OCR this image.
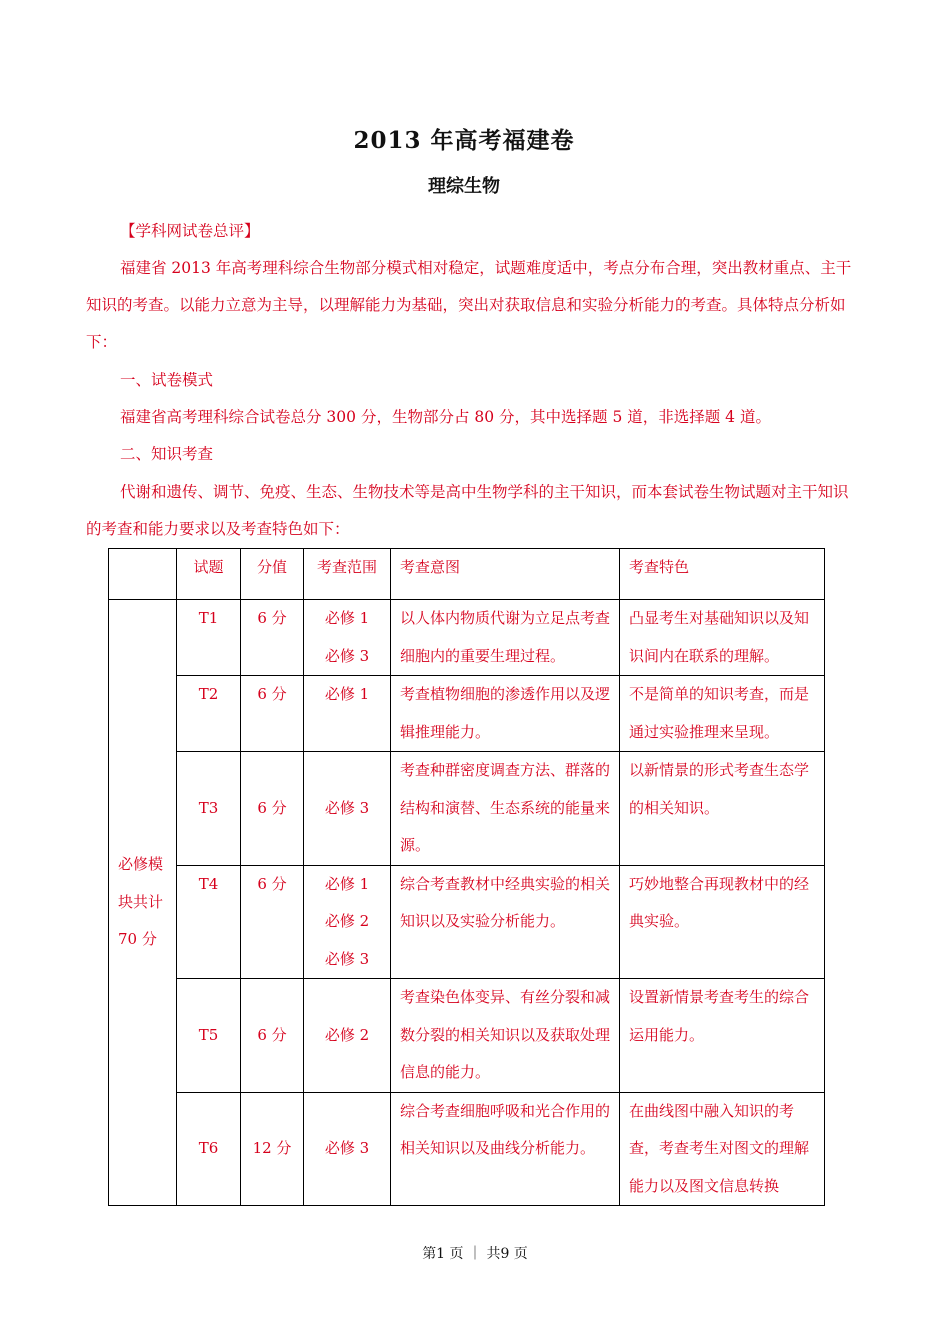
2013 年高考福建卷
理综生物
【学科网试卷总评】
福建省 2013 年高考理科综合生物部分模式相对稳定，试题难度适中，考点分布合理，突出教材重点、主干知识的考查。以能力立意为主导，以理解能力为基础，突出对获取信息和实验分析能力的考查。具体特点分析如下：
一、试卷模式
福建省高考理科综合试卷总分 300 分，生物部分占 80 分，其中选择题 5 道，非选择题 4 道。
二、知识考查
代谢和遗传、调节、免疫、生态、生物技术等是高中生物学科的主干知识，而本套试卷生物试题对主干知识的考查和能力要求以及考查特色如下：
	试题	分值	考查范围	考查意图	考查特色
必修模块共计 70 分	T1	6 分	必修 1
必修 3	以人体内物质代谢为立足点考查细胞内的重要生理过程。	凸显考生对基础知识以及知识间内在联系的理解。
	T2	6 分	必修 1	考查植物细胞的渗透作用以及逻辑推理能力。	不是简单的知识考查，而是通过实验推理来呈现。
	T3	6 分	必修 3	考查种群密度调查方法、群落的结构和演替、生态系统的能量来源。	以新情景的形式考查生态学的相关知识。
	T4	6 分	必修 1
必修 2
必修 3	综合考查教材中经典实验的相关知识以及实验分析能力。	巧妙地整合再现教材中的经典实验。
	T5	6 分	必修 2	考查染色体变异、有丝分裂和减数分裂的相关知识以及获取处理信息的能力。	设置新情景考查考生的综合运用能力。
	T6	12 分	必修 3	综合考查细胞呼吸和光合作用的相关知识以及曲线分析能力。	在曲线图中融入知识的考查，考查考生对图文的理解能力以及图文信息转换
第1 页 ｜ 共9 页
